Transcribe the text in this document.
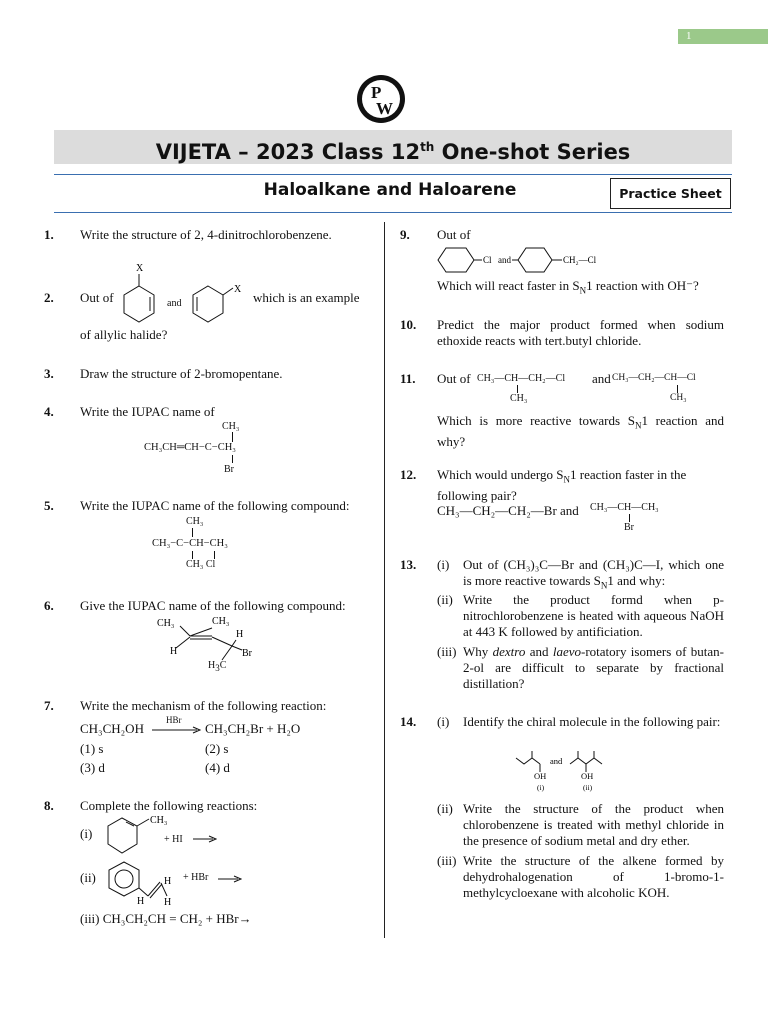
1
P
W
VIJETA – 2023 Class 12th One-shot Series
Haloalkane and Haloarene	Practice Sheet
1. Write the structure of 2, 4-dinitrochlorobenzene.
2. Out of
X
and
X
which is an example
of allylic halide?
3. Draw the structure of 2-bromopentane.
4. Write the IUPAC name of
CH₃
CH₃CH═CH−C−CH₃
Br
5. Write the IUPAC name of the following compound:
CH₃
CH₃−C−CH−CH₃
CH₃ Cl
6. Give the IUPAC name of the following compound:
CH₃	CH₃
H
H
Br
$H_3C$
7. Write the mechanism of the following reaction:
CH₃CH₂OH
HBr
→ CH₃CH₂Br + H₂O
(1) s	(2) s
(3) d	(4) d
8. Complete the following reactions:
(i)
CH₃
+ HI →
(ii)
H
H
H
+ HBr →
(iii) CH₃CH₂CH = CH₂ + HBr→
9. Out of
Cl and	CH₂—Cl
Which will react faster in $S_N1$ reaction with OH⁻?
10. Predict the major product formed when sodium ethoxide reacts with tert.butyl chloride.
11. Out of CH₃—CH—CH₂—Cl
CH₃
and CH₃—CH₂—CH—Cl
CH₃
Which is more reactive towards $S_N1$ reaction and why?
12. Which would undergo $S_N1$ reaction faster in the following pair?
CH₃—CH₂—CH₂—Br and CH₃—CH—CH₃
Br
13. (i) Out of (CH₃)₃C—Br and (CH₃)C—I, which one is more reactive towards $S_N1$ and why:
(ii) Write the product formd when p-nitrochlorobenzene is heated with aqueous NaOH at 443 K followed by antificiation.
(iii) Why dextro and laevo-rotatory isomers of butan-2-ol are difficult to separate by fractional distillation?
14. (i) Identify the chiral molecule in the following pair:
OH
(i)
and
OH
(ii)
(ii) Write the structure of the product when chlorobenzene is treated with methyl chloride in the presence of sodium metal and dry ether.
(iii) Write the structure of the alkene formed by dehydrohalogenation of 1-bromo-1-methylcycloexane with alcoholic KOH.
